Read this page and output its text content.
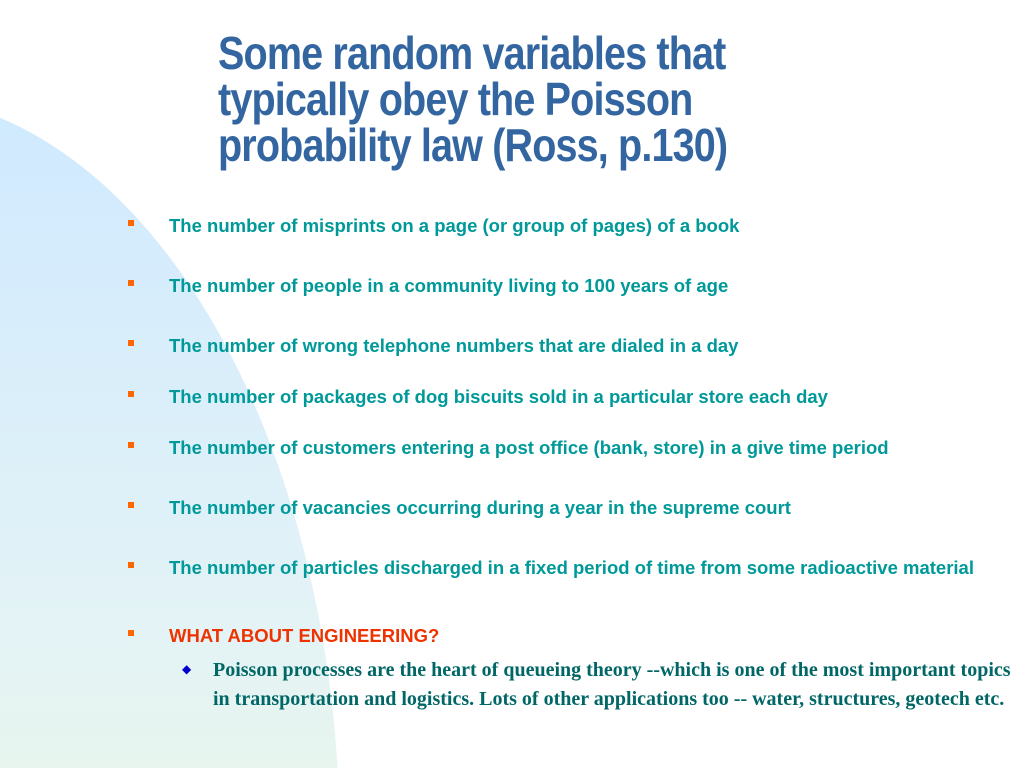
Some random variables that
typically obey the Poisson
probability law (Ross, p.130)
The number of misprints on a page (or group of pages) of a book
The number of people in a community living to 100 years of age
The number of wrong telephone numbers that are dialed in a day
The number of packages of dog biscuits sold in a particular store each day
The number of customers entering a post office (bank, store) in a give time period
The number of vacancies occurring during a year in the supreme court
The number of particles discharged in a fixed period of time from some radioactive material
WHAT ABOUT ENGINEERING?
◆ Poisson processes are the heart of queueing theory --which is one of the most important topics in transportation and logistics. Lots of other applications too -- water, structures, geotech etc.
